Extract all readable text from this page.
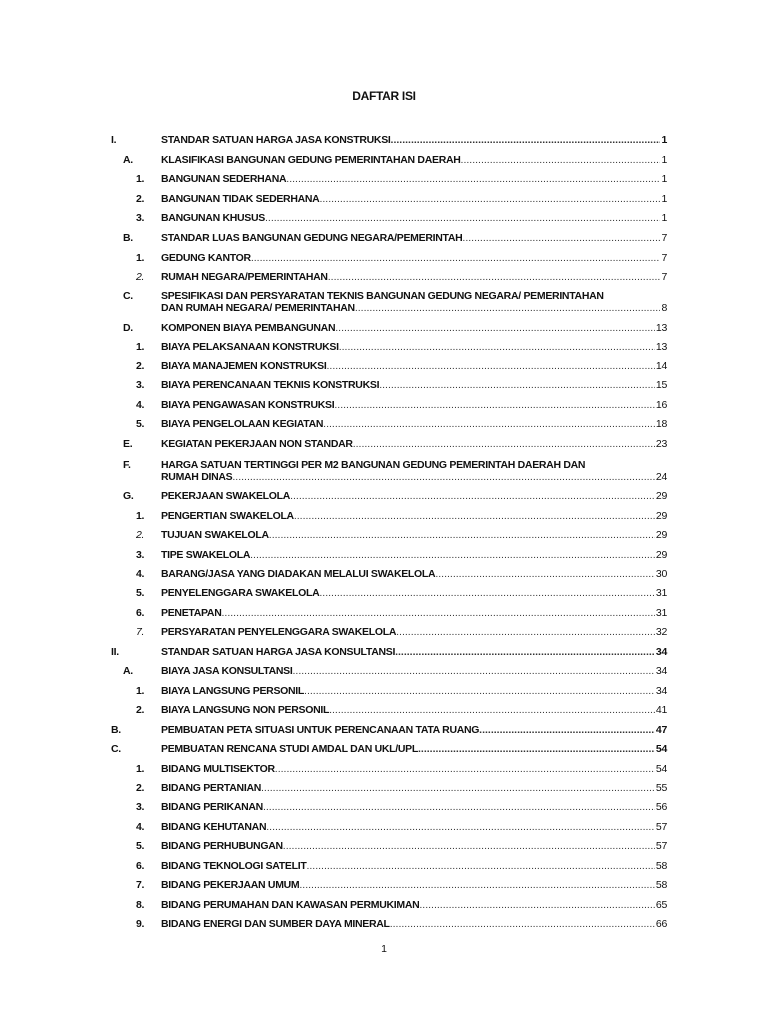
DAFTAR ISI
I.	STANDAR SATUAN HARGA JASA KONSTRUKSI .....	1
A.	KLASIFIKASI BANGUNAN GEDUNG PEMERINTAHAN DAERAH .....	1
1. BANGUNAN SEDERHANA .....	1
2. BANGUNAN TIDAK SEDERHANA .....	1
3. BANGUNAN KHUSUS .....	1
B.	STANDAR LUAS BANGUNAN GEDUNG NEGARA/PEMERINTAH .....	7
1. GEDUNG KANTOR .....	7
2. RUMAH NEGARA/PEMERINTAHAN .....	7
C.	SPESIFIKASI DAN PERSYARATAN TEKNIS BANGUNAN GEDUNG NEGARA/ PEMERINTAHAN
DAN RUMAH NEGARA/ PEMERINTAHAN .....	8
D.	KOMPONEN BIAYA PEMBANGUNAN .....	13
1. BIAYA PELAKSANAAN KONSTRUKSI .....	13
2. BIAYA MANAJEMEN KONSTRUKSI .....	14
3. BIAYA PERENCANAAN TEKNIS KONSTRUKSI .....	15
4. BIAYA PENGAWASAN KONSTRUKSI .....	16
5. BIAYA PENGELOLAAN KEGIATAN .....	18
E.	KEGIATAN PEKERJAAN NON STANDAR .....	23
F.	HARGA SATUAN TERTINGGI PER M2 BANGUNAN GEDUNG PEMERINTAH DAERAH DAN
RUMAH DINAS .....	24
G.	PEKERJAAN SWAKELOLA .....	29
1. PENGERTIAN SWAKELOLA .....	29
2. TUJUAN SWAKELOLA .....	29
3. TIPE SWAKELOLA .....	29
4. BARANG/JASA YANG DIADAKAN MELALUI SWAKELOLA .....	30
5. PENYELENGGARA SWAKELOLA .....	31
6. PENETAPAN .....	31
7. PERSYARATAN PENYELENGGARA SWAKELOLA .....	32
II.	STANDAR SATUAN HARGA JASA KONSULTANSI .....	34
A.	BIAYA JASA KONSULTANSI .....	34
1. BIAYA LANGSUNG PERSONIL .....	34
2. BIAYA LANGSUNG NON PERSONIL .....	41
B.	PEMBUATAN PETA SITUASI UNTUK PERENCANAAN TATA RUANG .....	47
C.	PEMBUATAN RENCANA STUDI AMDAL DAN UKL/UPL .....	54
1. BIDANG MULTISEKTOR .....	54
2. BIDANG PERTANIAN .....	55
3. BIDANG PERIKANAN .....	56
4. BIDANG KEHUTANAN .....	57
5. BIDANG PERHUBUNGAN .....	57
6. BIDANG TEKNOLOGI SATELIT .....	58
7. BIDANG PEKERJAAN UMUM .....	58
8. BIDANG PERUMAHAN DAN KAWASAN PERMUKIMAN .....	65
9. BIDANG ENERGI DAN SUMBER DAYA MINERAL .....	66
1
